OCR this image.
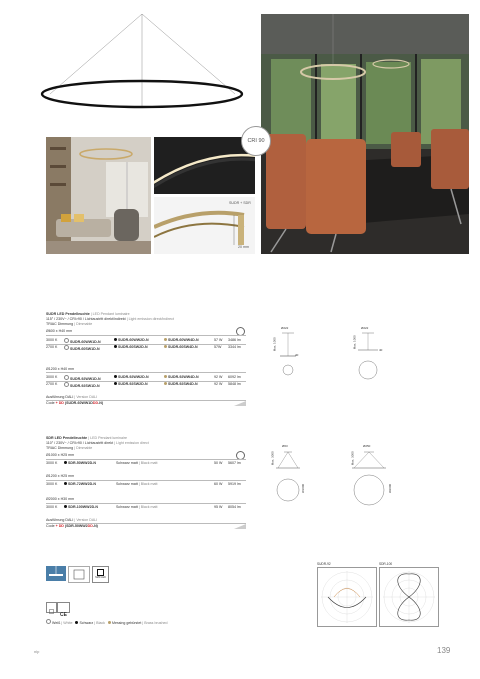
CRI 90
SUDR + SDR
20 mm
SUDR LED Pendelleuchte | LED Pendant luminaire
115° / 230V~ / CRI>90 / Lichtaustritt direkt/indirekt | Light emission direct/indirect
TRIAC Dimmung | Dimmable
Ø600 x H40 mm
3000 K	SUDR-60WW1D-N	SUDR-60WW2D-N	SUDR-60WW4D-N	57 W 3486 lm
2700 K	SUDR-60SW1D-N	SUDR-60SW2D-N	SUDR-60SW4D-N	57W 3344 lm
Ø1200 x H40 mm
3000 K	SUDR-92WW1D-N	SUDR-92WW2D-N	SUDR-92WW4D-N	92 W 6092 lm
2700 K	SUDR-92SW1D-N	SUDR-92SW2D-N	SUDR-92SW4D-N	92 W 5848 lm
Ausführung DALI | Version DALI
Code + DD (SUDR-60WW1DDD-N)
Ø222
Max. 1000
40
Ø222
Max. 1000
40
SDR LED Pendelleuchte | LED Pendant luminaire
110° / 230V~ / CRI>90 / Lichtaustritt direkt | Light emission direct
TRIAC Dimmung | Dimmable
Ø1000 x H25 mm
3000 K	SDR-50WW2D-N	Schwarz matt | Black matt	50 W 5607 lm
Ø1200 x H25 mm
3000 K	SDR-72WW2D-N	Schwarz matt | Black matt	60 W 5919 lm
Ø2000 x H30 mm
3000 K	SDR-100WW2D-N	Schwarz matt | Black matt	95 W 8054 lm
Ausführung DALI | Version DALI
Code + DD (SDR-50WW2DD-N)
Ø63
Max. 3000
Ø1000
Ø250
Max. 3000
Ø2000
SMD LED
CE
Weiß | White Schwarz | Black Messing gebürstet | Brass brushed
SUDR-92	SDR-100
nlp	139
